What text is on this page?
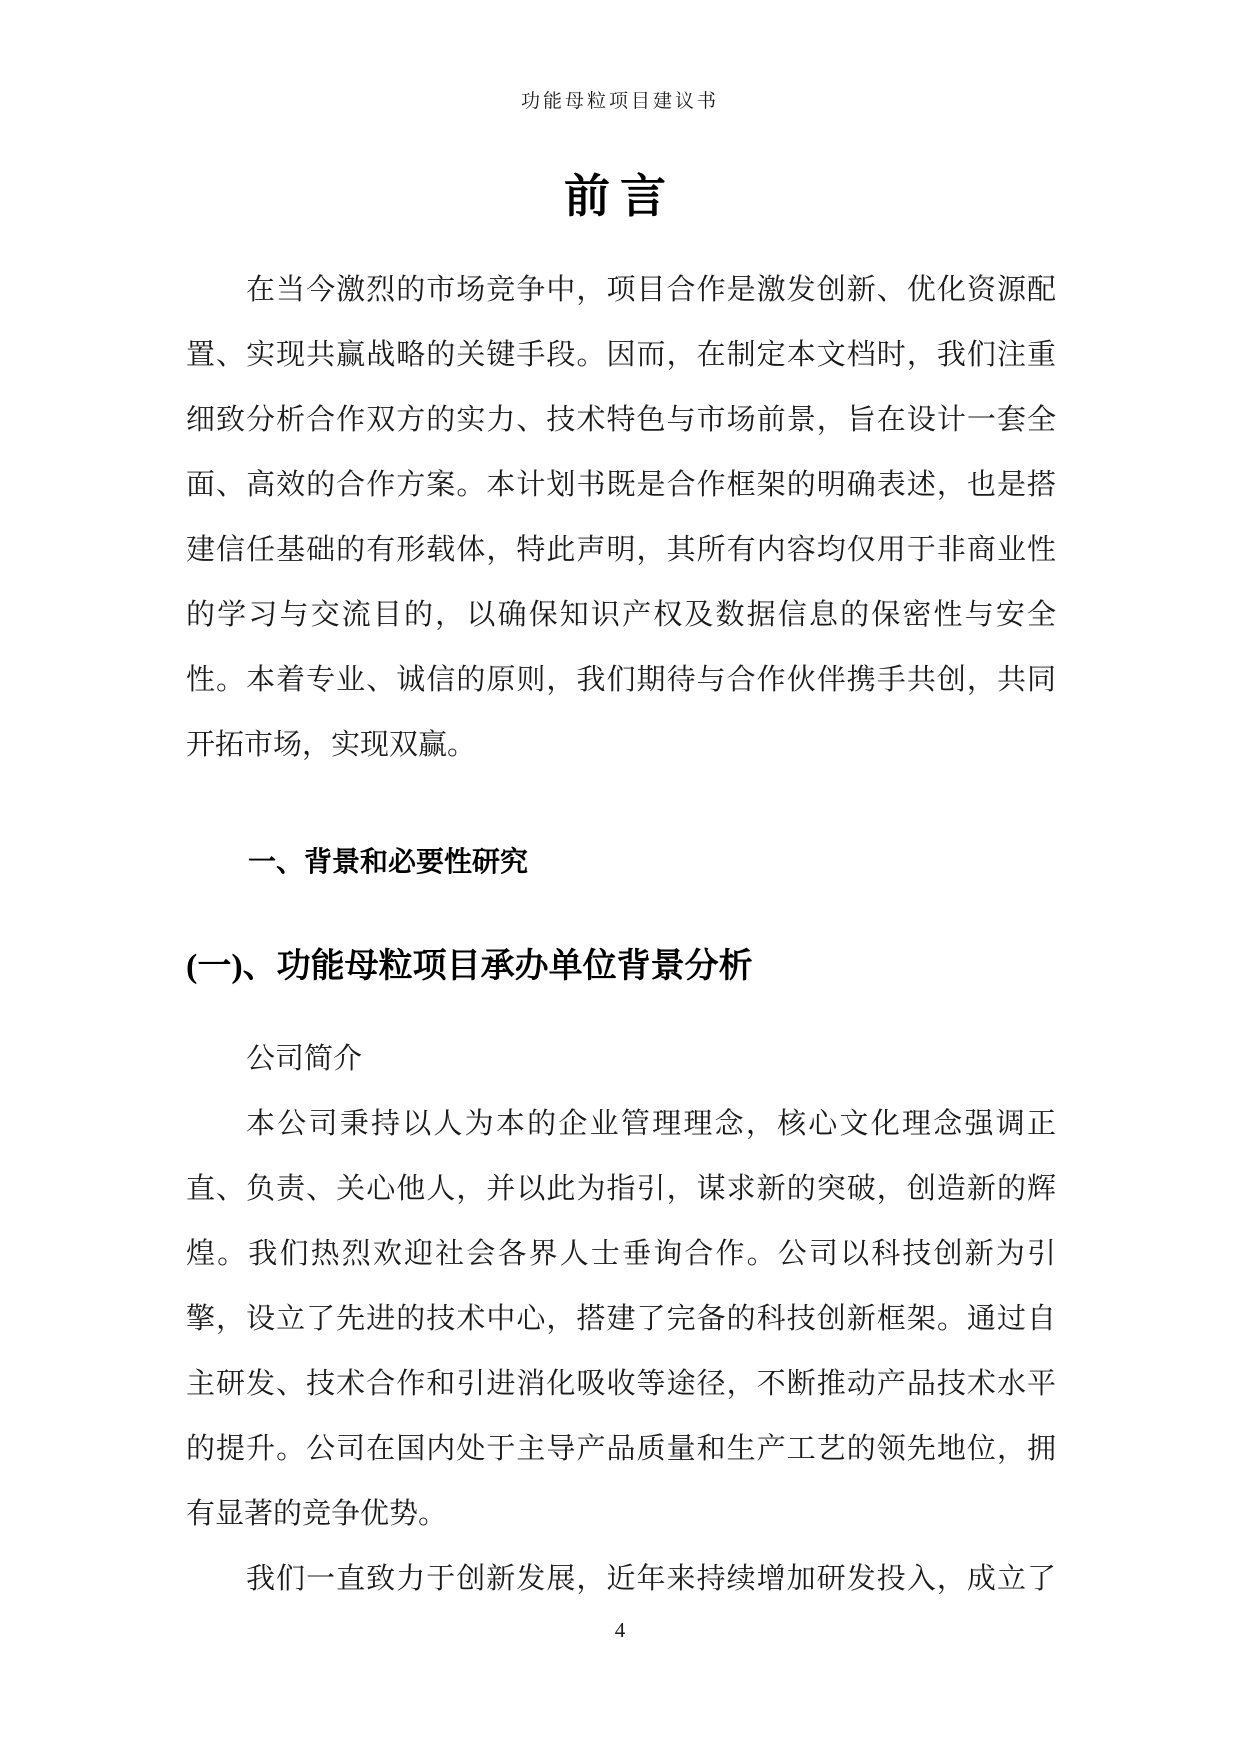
功能母粒项目建议书
前言
在当今激烈的市场竞争中，项目合作是激发创新、优化资源配
置、实现共赢战略的关键手段。因而，在制定本文档时，我们注重
细致分析合作双方的实力、技术特色与市场前景，旨在设计一套全
面、高效的合作方案。本计划书既是合作框架的明确表述，也是搭
建信任基础的有形载体，特此声明，其所有内容均仅用于非商业性
的学习与交流目的，以确保知识产权及数据信息的保密性与安全
性。本着专业、诚信的原则，我们期待与合作伙伴携手共创，共同
开拓市场，实现双赢。
一、背景和必要性研究
(一)、功能母粒项目承办单位背景分析
公司简介
本公司秉持以人为本的企业管理理念，核心文化理念强调正
直、负责、关心他人，并以此为指引，谋求新的突破，创造新的辉
煌。我们热烈欢迎社会各界人士垂询合作。公司以科技创新为引
擎，设立了先进的技术中心，搭建了完备的科技创新框架。通过自
主研发、技术合作和引进消化吸收等途径，不断推动产品技术水平
的提升。公司在国内处于主导产品质量和生产工艺的领先地位，拥
有显著的竞争优势。
我们一直致力于创新发展，近年来持续增加研发投入，成立了
4
